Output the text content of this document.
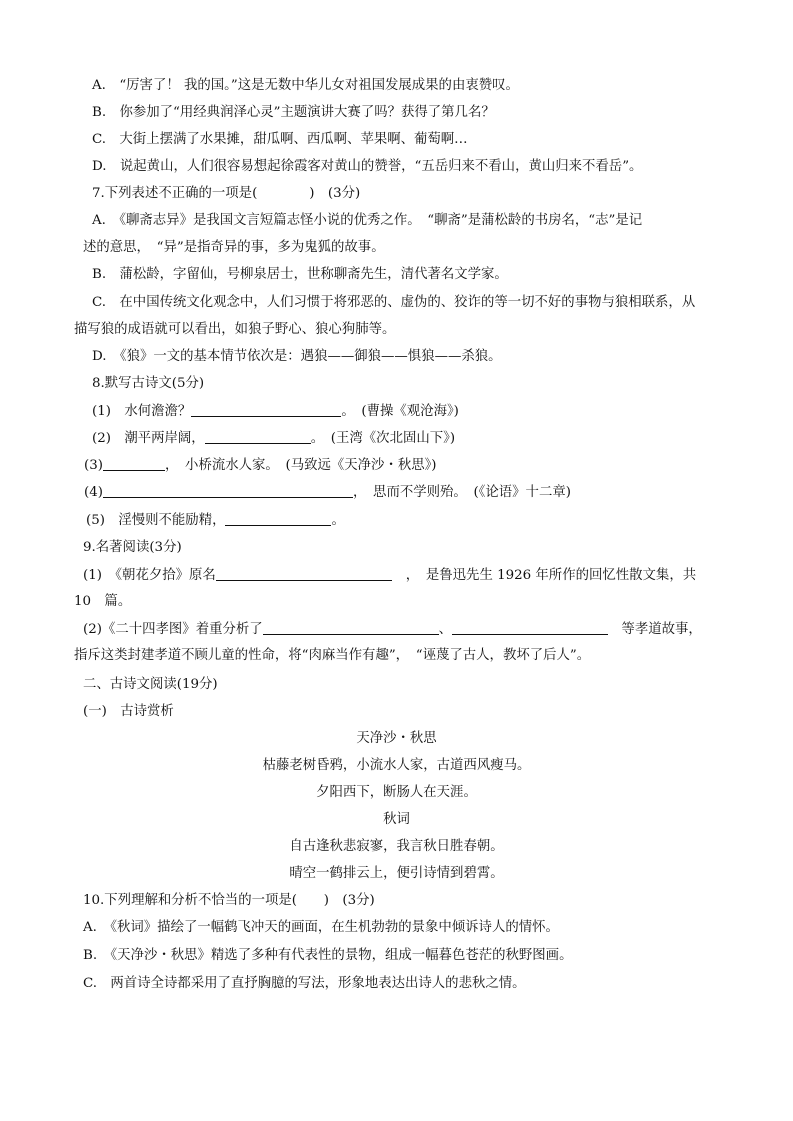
A.　“厉害了！ 我的国。”这是无数中华儿女对祖国发展成果的由衷赞叹。
B.　你参加了“用经典润泽心灵”主题演讲大赛了吗？获得了第几名？
C.　大街上摆满了水果摊，甜瓜啊、西瓜啊、苹果啊、葡萄啊…
D.　说起黄山，人们很容易想起徐霞客对黄山的赞誉，“五岳归来不看山，黄山归来不看岳”。
7.下列表述不正确的一项是(	)　(3分)
A.　《聊斋志异》是我国文言短篇志怪小说的优秀之作。　“聊斋”是蒲松龄的书房名，“志”是记
述的意思，　“异”是指奇异的事，多为鬼狐的故事。
B.　蒲松龄，字留仙，号柳泉居士，世称聊斋先生，清代著名文学家。
C.　在中国传统文化观念中，人们习惯于将邪恶的、虚伪的、狡诈的等一切不好的事物与狼相联系，从
描写狼的成语就可以看出，如狼子野心、狼心狗肺等。
D.　《狼》一文的基本情节依次是：遇狼——御狼——惧狼——杀狼。
8.默写古诗文(5分)
(1)　水何澹澹？	。　(曹操《观沧海》)
(2)　潮平两岸阔，	。　(王湾《次北固山下》)
(3)	，　小桥流水人家。　(马致远《天净沙・秋思》)
(4)	，　思而不学则殆。　(《论语》十二章)
(5)　淫慢则不能励精，	。
9.名著阅读(3分)
(1)　《朝花夕拾》原名	，　是鲁迅先生 1926 年所作的回忆性散文集，共
10　篇。
(2)《二十四孝图》着重分析了	、	　等孝道故事，
指斥这类封建孝道不顾儿童的性命，将“肉麻当作有趣”，　“诬蔑了古人，教坏了后人”。
二、古诗文阅读(19分)
(一)　古诗赏析
天净沙・秋思
枯藤老树昏鸦，小流水人家，古道西风瘦马。
夕阳西下，断肠人在天涯。
秋词
自古逢秋悲寂寥，我言秋日胜春朝。
晴空一鹤排云上，便引诗情到碧霄。
10.下列理解和分析不恰当的一项是(　　)　(3分)
A.　《秋词》描绘了一幅鹤飞冲天的画面，在生机勃勃的景象中倾诉诗人的情怀。
B.　《天净沙・秋思》精选了多种有代表性的景物，组成一幅暮色苍茫的秋野图画。
C.　两首诗全诗都采用了直抒胸臆的写法，形象地表达出诗人的悲秋之情。
